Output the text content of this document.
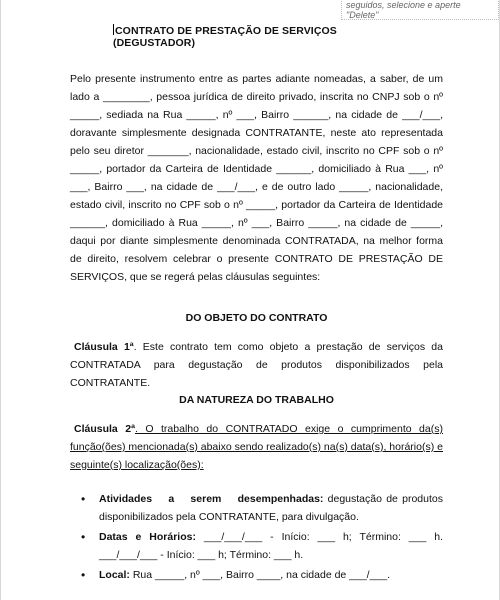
seguidos, selecione e aperte
"Delete"
CONTRATO DE PRESTAÇÃO DE SERVIÇOS (DEGUSTADOR)

Pelo presente instrumento entre as partes adiante nomeadas, a saber, de um lado a ________, pessoa jurídica de direito privado, inscrita no CNPJ sob o nº _____, sediada na Rua _____, nº ___, Bairro ______, na cidade de ___/___, doravante simplesmente designada CONTRATANTE, neste ato representada pelo seu diretor _______, nacionalidade, estado civil, inscrito no CPF sob o nº _____, portador da Carteira de Identidade ______, domiciliado à Rua ___, nº ___, Bairro ___, na cidade de ___/___, e de outro lado _____, nacionalidade, estado civil, inscrito no CPF sob o nº _____, portador da Carteira de Identidade ______, domiciliado à Rua _____, nº ___, Bairro _____, na cidade de _____, daqui por diante simplesmente denominada CONTRATADA, na melhor forma de direito, resolvem celebrar o presente CONTRATO DE PRESTAÇÃO DE SERVIÇOS, que se regerá pelas cláusulas seguintes:

DO OBJETO DO CONTRATO

Cláusula 1ª. Este contrato tem como objeto a prestação de serviços da CONTRATADA para degustação de produtos disponibilizados pela CONTRATANTE.

DA NATUREZA DO TRABALHO

Cláusula 2ª. O trabalho do CONTRATADO exige o cumprimento da(s) função(ões) mencionada(s) abaixo sendo realizado(s) na(s) data(s), horário(s) e seguinte(s) localização(ões):

• Atividades a serem desempenhadas: degustação de produtos disponibilizados pela CONTRATANTE, para divulgação.
• Datas e Horários: ___/___/___ - Início: ___ h; Término: ___ h. ___/___/___ - Início: ___ h; Término: ___ h.
• Local: Rua _____, nº ___, Bairro ____, na cidade de ___/___.
